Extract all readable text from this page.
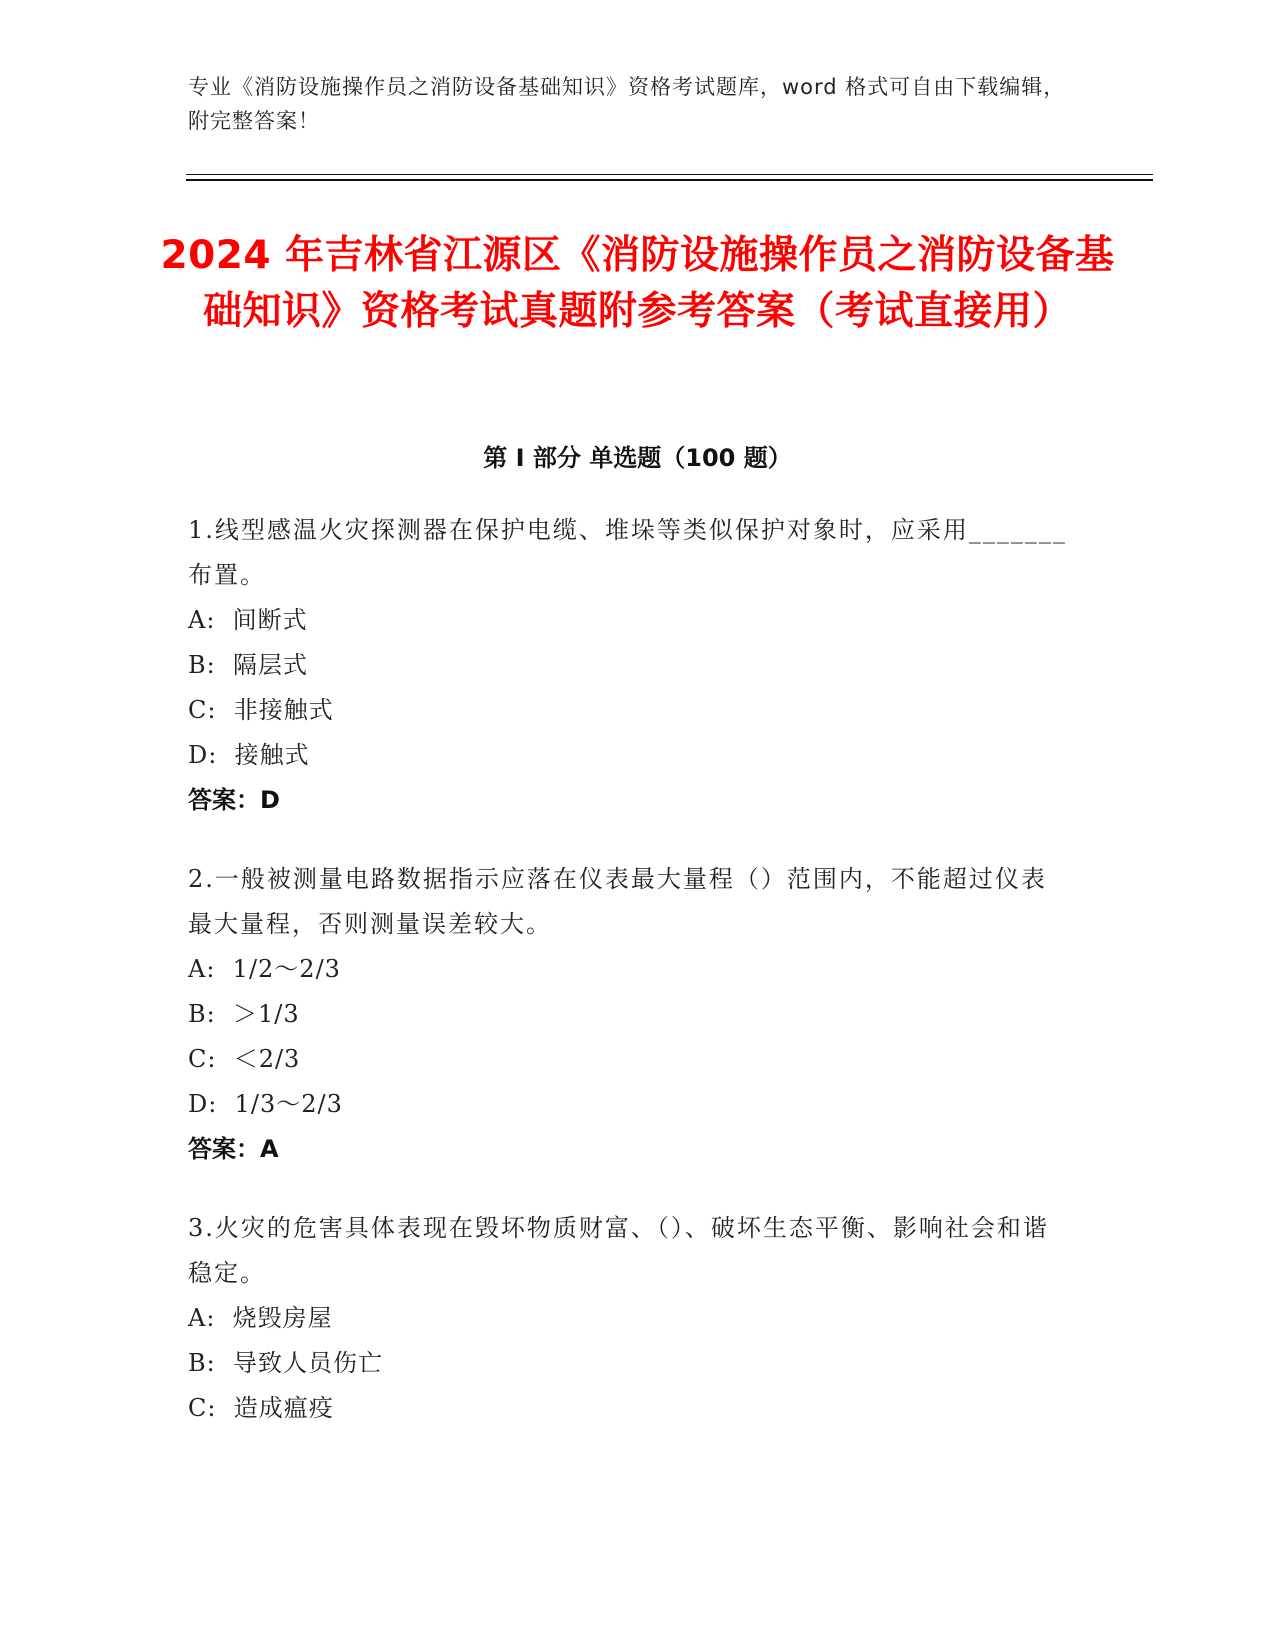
专业《消防设施操作员之消防设备基础知识》资格考试题库，word 格式可自由下载编辑，附完整答案！
2024 年吉林省江源区《消防设施操作员之消防设备基础知识》资格考试真题附参考答案（考试直接用）
第 I 部分 单选题（100 题）
1.线型感温火灾探测器在保护电缆、堆垛等类似保护对象时，应采用_______布置。
A:  间断式
B:  隔层式
C:  非接触式
D:  接触式
答案：D
2.一般被测量电路数据指示应落在仪表最大量程（）范围内，不能超过仪表最大量程，否则测量误差较大。
A:  1/2～2/3
B:  ＞1/3
C:  ＜2/3
D:  1/3～2/3
答案：A
3.火灾的危害具体表现在毁坏物质财富、（）、破坏生态平衡、影响社会和谐稳定。
A:  烧毁房屋
B:  导致人员伤亡
C:  造成瘟疫
